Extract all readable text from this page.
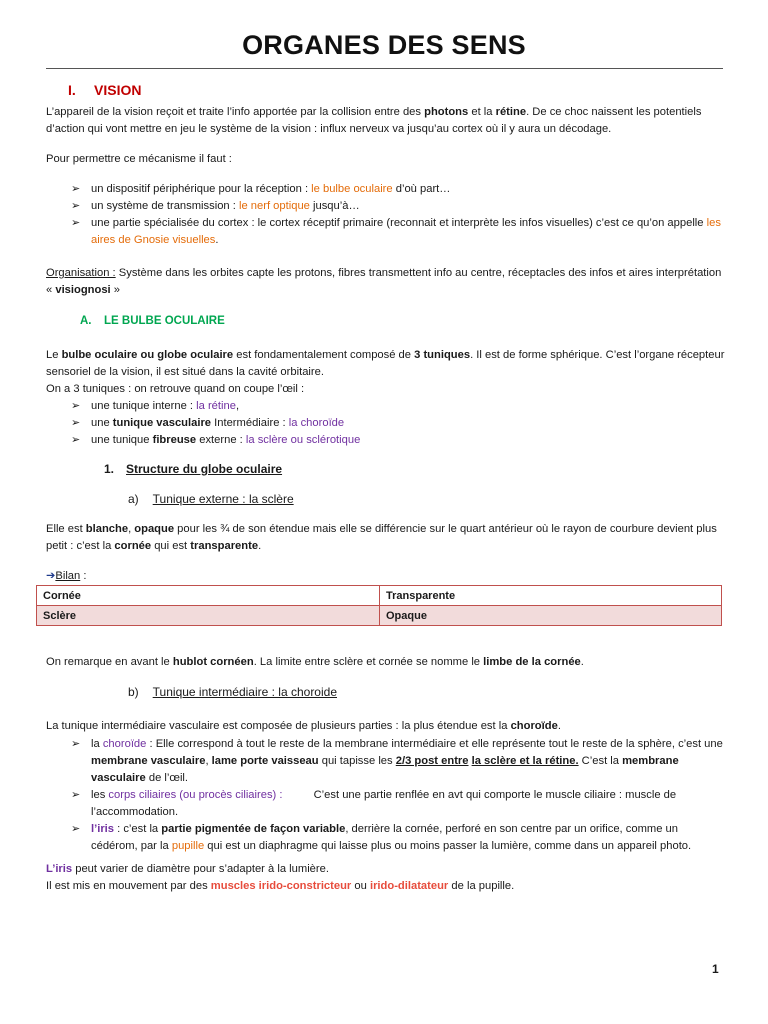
ORGANES DES SENS
I. VISION
L’appareil de la vision reçoit et traite l’info apportée par la collision entre des photons et la rétine. De ce choc naissent les potentiels d’action qui vont mettre en jeu le système de la vision : influx nerveux va jusqu’au cortex où il y aura un décodage.
Pour permettre ce mécanisme il faut :
➢ un dispositif périphérique pour la réception : le bulbe oculaire d’où part…
➢ un système de transmission : le nerf optique jusqu’à…
➢ une partie spécialisée du cortex : le cortex réceptif primaire (reconnait et interprète les infos visuelles) c’est ce qu’on appelle les aires de Gnosie visuelles.
Organisation : Système dans les orbites capte les protons, fibres transmettent info au centre, réceptacles des infos et aires interprétation « visiognosi »
A. LE BULBE OCULAIRE
Le bulbe oculaire ou globe oculaire est fondamentalement composé de 3 tuniques. Il est de forme sphérique. C’est l’organe récepteur sensoriel de la vision, il est situé dans la cavité orbitaire.
On a 3 tuniques : on retrouve quand on coupe l’œil :
➢ une tunique interne : la rétine,
➢ une tunique vasculaire Intermédiaire : la choroïde
➢ une tunique fibreuse externe : la sclère ou sclérotique
1. Structure du globe oculaire
a) Tunique externe : la sclère
Elle est blanche, opaque pour les ¾ de son étendue mais elle se différencie sur le quart antérieur où le rayon de courbure devient plus petit : c’est la cornée qui est transparente.
➔Bilan :
Cornée	Transparente
Sclère	Opaque
On remarque en avant le hublot cornéen. La limite entre sclère et cornée se nomme le limbe de la cornée.
b) Tunique intermédiaire : la choroide
La tunique intermédiaire vasculaire est composée de plusieurs parties : la plus étendue est la choroïde.
➢ la choroïde : Elle correspond à tout le reste de la membrane intermédiaire et elle représente tout le reste de la sphère, c’est une membrane vasculaire, lame porte vaisseau qui tapisse les 2/3 post entre la sclère et la rétine. C’est la membrane vasculaire de l’œil.
➢ les corps ciliaires (ou procès ciliaires) :          C’est une partie renflée en avt qui comporte le muscle ciliaire : muscle de l’accommodation.
➢ l’iris : c’est la partie pigmentée de façon variable, derrière la cornée, perforé en son centre par un orifice, comme un cédérom, par la pupille qui est un diaphragme qui laisse plus ou moins passer la lumière, comme dans un appareil photo.
L’iris peut varier de diamètre pour s’adapter à la lumière.
Il est mis en mouvement par des muscles irido-constricteur ou irido-dilatateur de la pupille.
1
